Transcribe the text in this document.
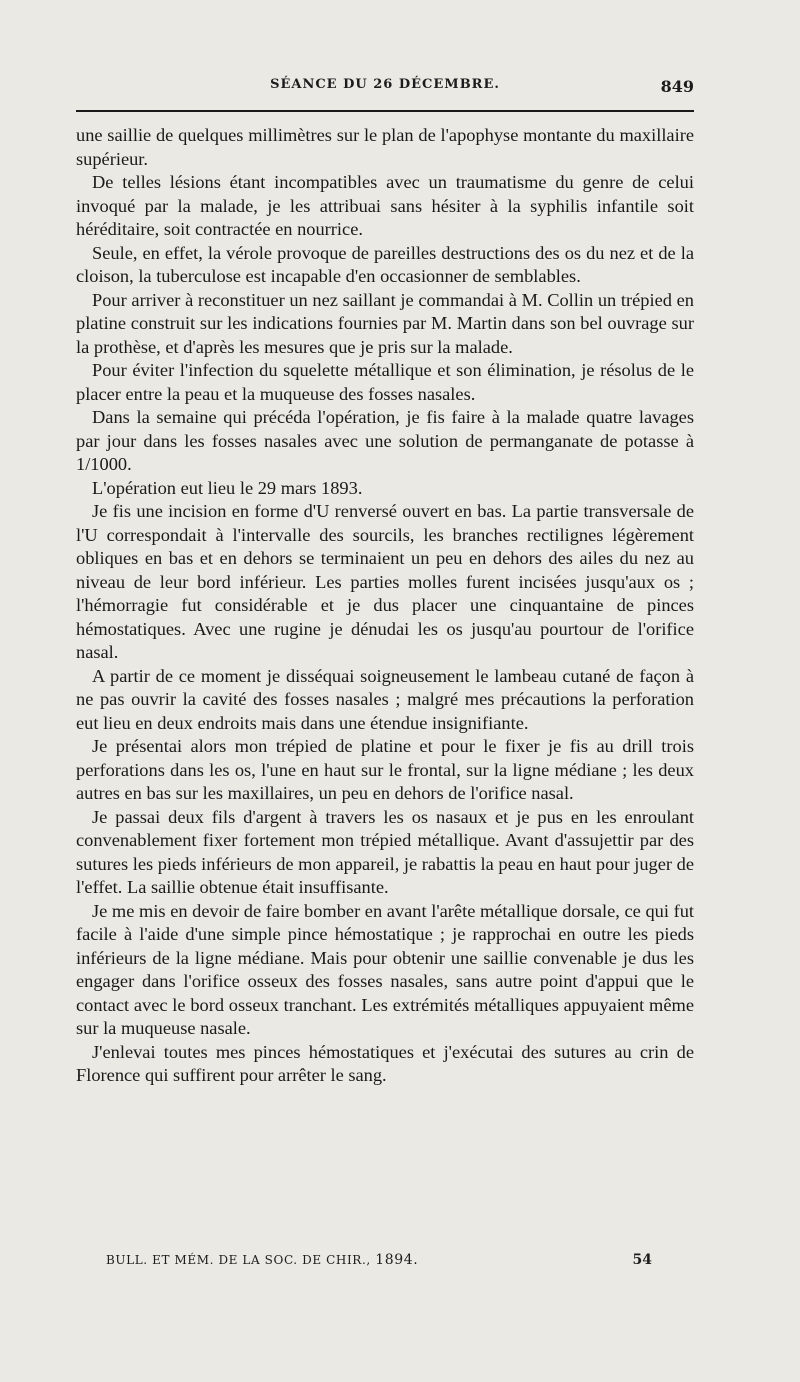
SÉANCE DU 26 DÉCEMBRE.	849

une saillie de quelques millimètres sur le plan de l'apophyse montante du maxillaire supérieur.

De telles lésions étant incompatibles avec un traumatisme du genre de celui invoqué par la malade, je les attribuai sans hésiter à la syphilis infantile soit héréditaire, soit contractée en nourrice.

Seule, en effet, la vérole provoque de pareilles destructions des os du nez et de la cloison, la tuberculose est incapable d'en occasionner de semblables.

Pour arriver à reconstituer un nez saillant je commandai à M. Collin un trépied en platine construit sur les indications fournies par M. Martin dans son bel ouvrage sur la prothèse, et d'après les mesures que je pris sur la malade.

Pour éviter l'infection du squelette métallique et son élimination, je résolus de le placer entre la peau et la muqueuse des fosses nasales.

Dans la semaine qui précéda l'opération, je fis faire à la malade quatre lavages par jour dans les fosses nasales avec une solution de permanganate de potasse à 1/1000.

L'opération eut lieu le 29 mars 1893.

Je fis une incision en forme d'U renversé ouvert en bas. La partie transversale de l'U correspondait à l'intervalle des sourcils, les branches rectilignes légèrement obliques en bas et en dehors se terminaient un peu en dehors des ailes du nez au niveau de leur bord inférieur. Les parties molles furent incisées jusqu'aux os ; l'hémorragie fut considérable et je dus placer une cinquantaine de pinces hémostatiques. Avec une rugine je dénudai les os jusqu'au pourtour de l'orifice nasal.

A partir de ce moment je disséquai soigneusement le lambeau cutané de façon à ne pas ouvrir la cavité des fosses nasales ; malgré mes précautions la perforation eut lieu en deux endroits mais dans une étendue insignifiante.

Je présentai alors mon trépied de platine et pour le fixer je fis au drill trois perforations dans les os, l'une en haut sur le frontal, sur la ligne médiane ; les deux autres en bas sur les maxillaires, un peu en dehors de l'orifice nasal.

Je passai deux fils d'argent à travers les os nasaux et je pus en les enroulant convenablement fixer fortement mon trépied métallique. Avant d'assujettir par des sutures les pieds inférieurs de mon appareil, je rabattis la peau en haut pour juger de l'effet. La saillie obtenue était insuffisante.

Je me mis en devoir de faire bomber en avant l'arête métallique dorsale, ce qui fut facile à l'aide d'une simple pince hémostatique ; je rapprochai en outre les pieds inférieurs de la ligne médiane. Mais pour obtenir une saillie convenable je dus les engager dans l'orifice osseux des fosses nasales, sans autre point d'appui que le contact avec le bord osseux tranchant. Les extrémités métalliques appuyaient même sur la muqueuse nasale.

J'enlevai toutes mes pinces hémostatiques et j'exécutai des sutures au crin de Florence qui suffirent pour arrêter le sang.

BULL. ET MÉM. DE LA SOC. DE CHIR., 1894.	54
